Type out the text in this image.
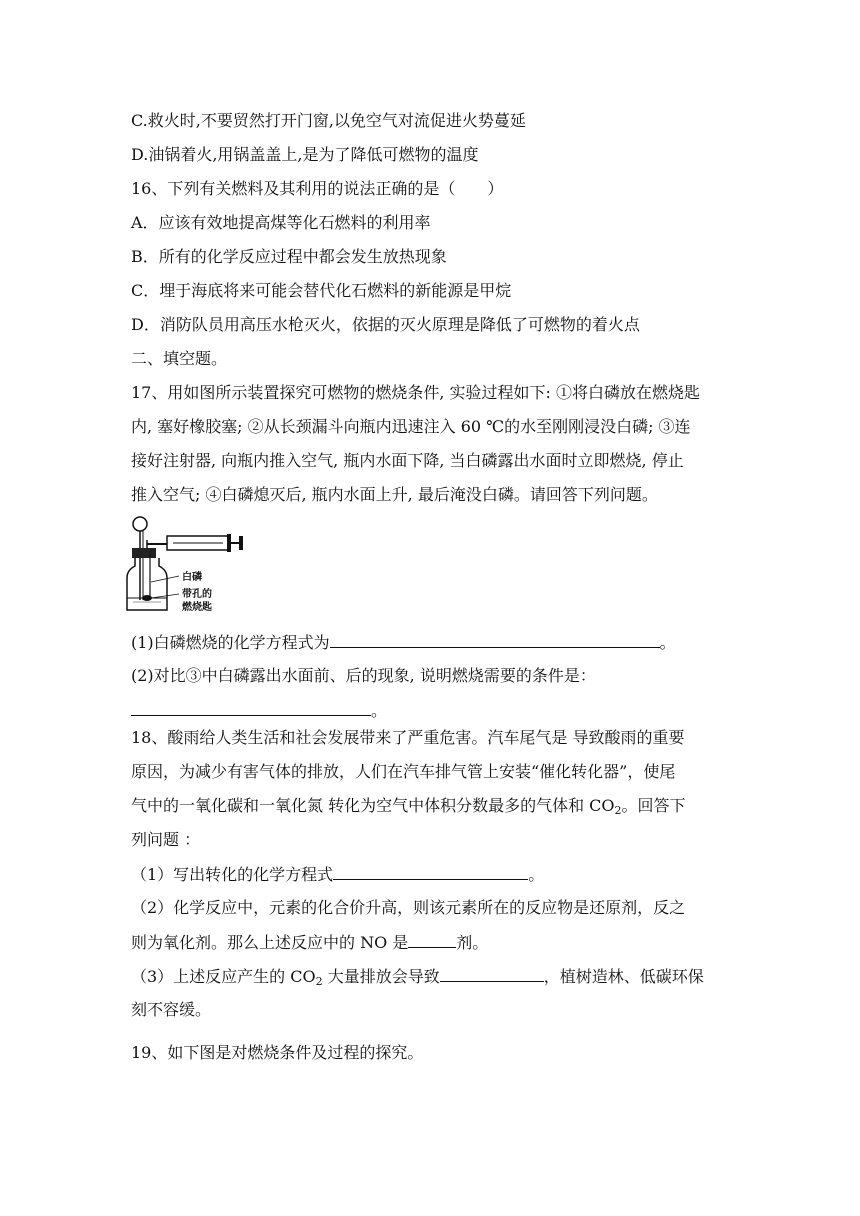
C.救火时,不要贸然打开门窗,以免空气对流促进火势蔓延
D.油锅着火,用锅盖盖上,是为了降低可燃物的温度
16、下列有关燃料及其利用的说法正确的是（　　）
A．应该有效地提高煤等化石燃料的利用率
B．所有的化学反应过程中都会发生放热现象
C．埋于海底将来可能会替代化石燃料的新能源是甲烷
D．消防队员用高压水枪灭火，依据的灭火原理是降低了可燃物的着火点
二、填空题。
17、用如图所示装置探究可燃物的燃烧条件, 实验过程如下: ①将白磷放在燃烧匙
内, 塞好橡胶塞; ②从长颈漏斗向瓶内迅速注入 60 ℃的水至刚刚浸没白磷; ③连
接好注射器, 向瓶内推入空气, 瓶内水面下降, 当白磷露出水面时立即燃烧, 停止
推入空气; ④白磷熄灭后, 瓶内水面上升, 最后淹没白磷。请回答下列问题。
白磷
带孔的
燃烧匙
(1)白磷燃烧的化学方程式为	。
(2)对比③中白磷露出水面前、后的现象, 说明燃烧需要的条件是：
。
18、酸雨给人类生活和社会发展带来了严重危害。汽车尾气是 导致酸雨的重要
原因，为减少有害气体的排放，人们在汽车排气管上安装“催化转化器”，使尾
气中的一氧化碳和一氧化氮 转化为空气中体积分数最多的气体和 $CO_2$。回答下
列问题 ：
（1）写出转化的化学方程式	。
（2）化学反应中，元素的化合价升高，则该元素所在的反应物是还原剂，反之
则为氧化剂。那么上述反应中的 NO 是	剂。
（3）上述反应产生的 $CO_2$ 大量排放会导致	，植树造林、低碳环保
刻不容缓。
19、如下图是对燃烧条件及过程的探究。
